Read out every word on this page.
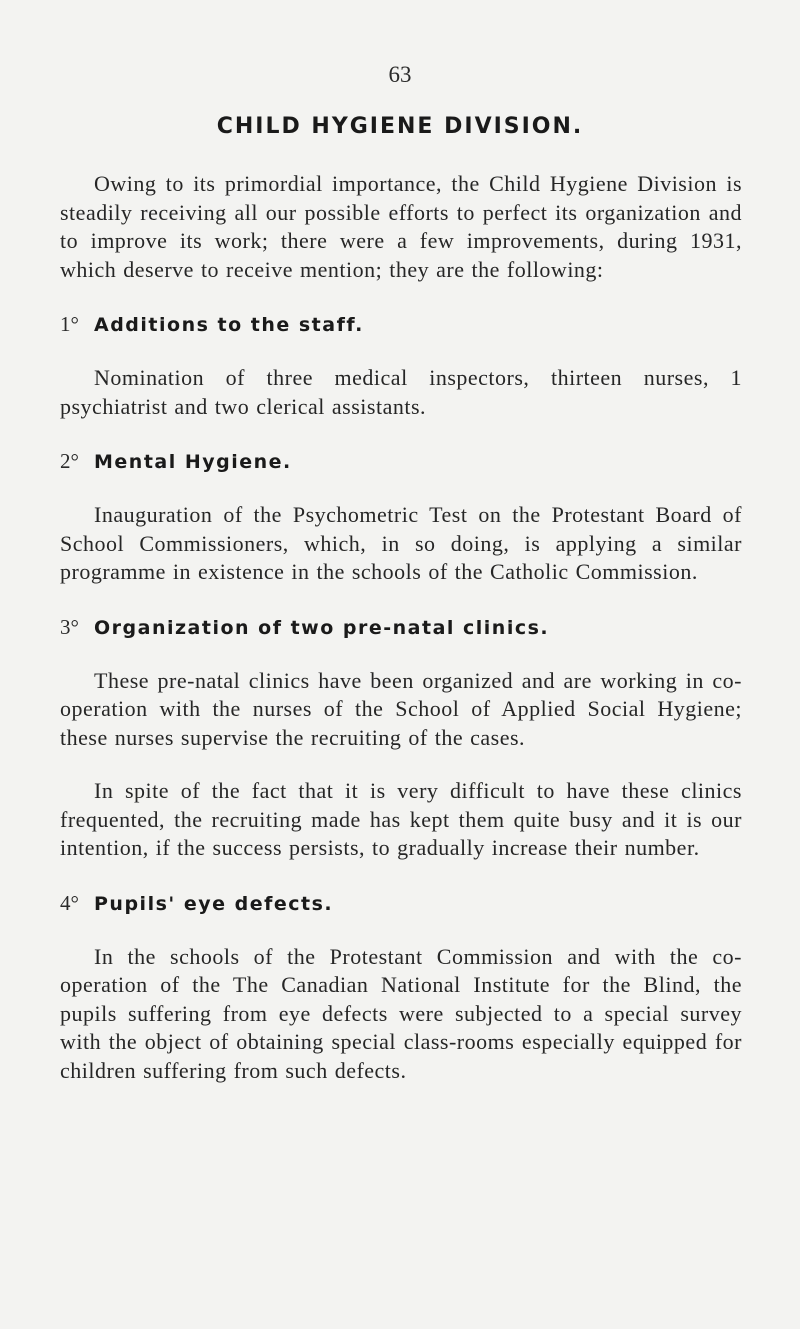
63
CHILD HYGIENE DIVISION.

Owing to its primordial importance, the Child Hygiene Division is steadily receiving all our possible efforts to perfect its organization and to improve its work; there were a few improvements, during 1931, which deserve to receive mention; they are the following:

1° Additions to the staff.

Nomination of three medical inspectors, thirteen nurses, 1 psychiatrist and two clerical assistants.

2° Mental Hygiene.

Inauguration of the Psychometric Test on the Protestant Board of School Commissioners, which, in so doing, is applying a similar programme in existence in the schools of the Catholic Commission.

3° Organization of two pre-natal clinics.

These pre-natal clinics have been organized and are working in co-operation with the nurses of the School of Applied Social Hygiene; these nurses supervise the recruiting of the cases.

In spite of the fact that it is very difficult to have these clinics frequented, the recruiting made has kept them quite busy and it is our intention, if the success persists, to gradually increase their number.

4° Pupils' eye defects.

In the schools of the Protestant Commission and with the co-operation of the The Canadian National Institute for the Blind, the pupils suffering from eye defects were subjected to a special survey with the object of obtaining special class-rooms especially equipped for children suffering from such defects.
